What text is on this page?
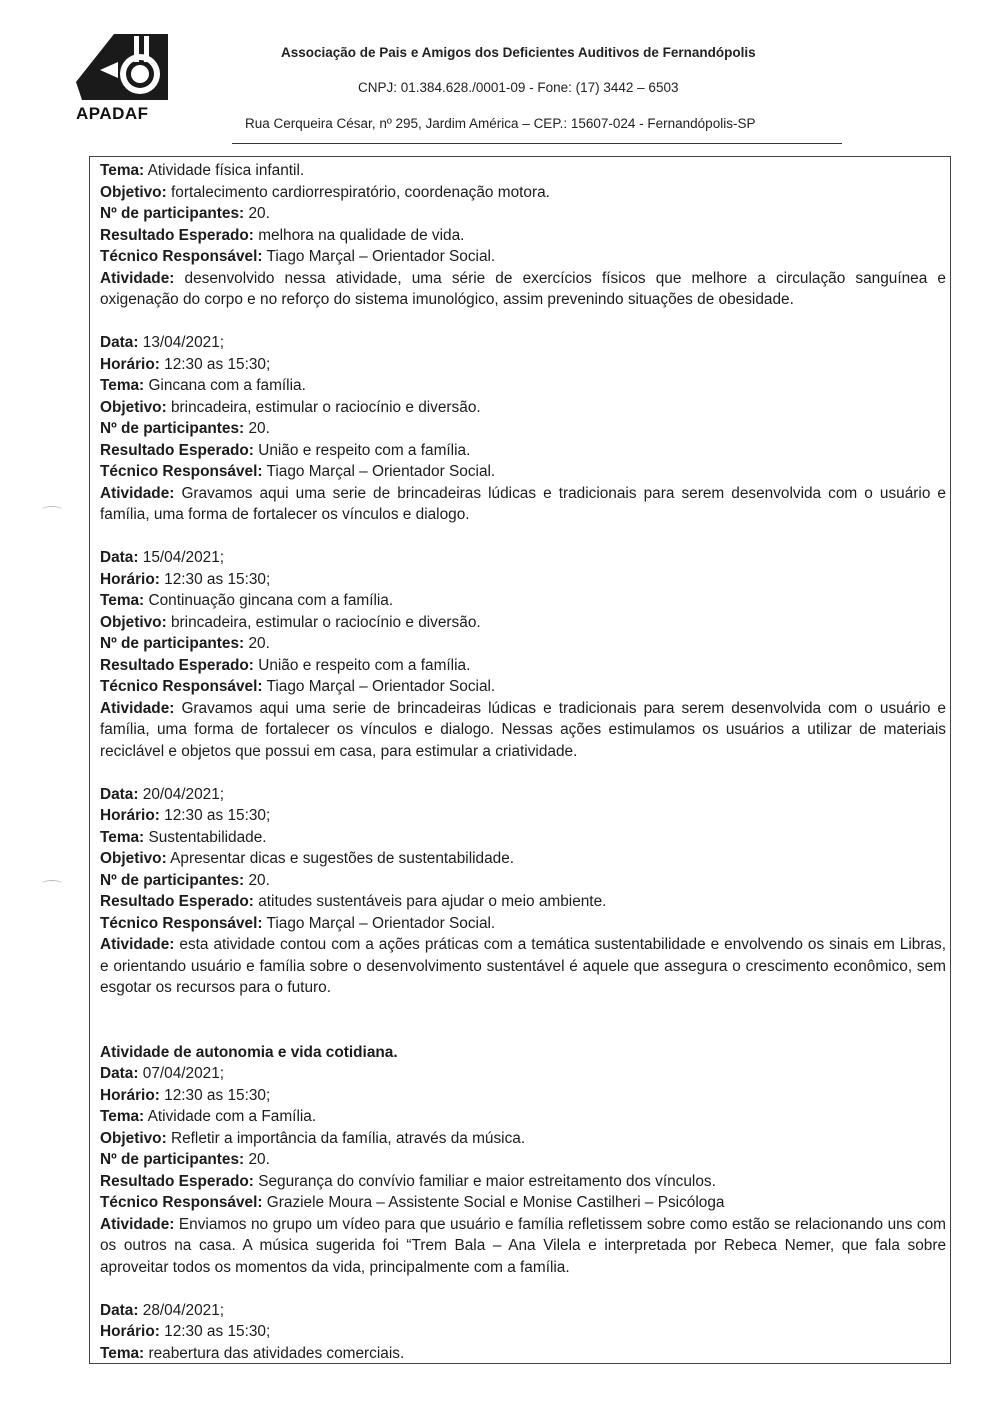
APADAF
Associação de Pais e Amigos dos Deficientes Auditivos de Fernandópolis
CNPJ: 01.384.628./0001-09 - Fone: (17) 3442 – 6503
Rua Cerqueira César, nº 295, Jardim América – CEP.: 15607-024 - Fernandópolis-SP
Tema: Atividade física infantil.
Objetivo: fortalecimento cardiorrespiratório, coordenação motora.
Nº de participantes: 20.
Resultado Esperado: melhora na qualidade de vida.
Técnico Responsável: Tiago Marçal – Orientador Social.
Atividade: desenvolvido nessa atividade, uma série de exercícios físicos que melhore a circulação sanguínea e oxigenação do corpo e no reforço do sistema imunológico, assim prevenindo situações de obesidade.
Data: 13/04/2021;
Horário: 12:30 as 15:30;
Tema: Gincana com a família.
Objetivo: brincadeira, estimular o raciocínio e diversão.
Nº de participantes: 20.
Resultado Esperado: União e respeito com a família.
Técnico Responsável: Tiago Marçal – Orientador Social.
Atividade: Gravamos aqui uma serie de brincadeiras lúdicas e tradicionais para serem desenvolvida com o usuário e família, uma forma de fortalecer os vínculos e dialogo.
Data: 15/04/2021;
Horário: 12:30 as 15:30;
Tema: Continuação gincana com a família.
Objetivo: brincadeira, estimular o raciocínio e diversão.
Nº de participantes: 20.
Resultado Esperado: União e respeito com a família.
Técnico Responsável: Tiago Marçal – Orientador Social.
Atividade: Gravamos aqui uma serie de brincadeiras lúdicas e tradicionais para serem desenvolvida com o usuário e família, uma forma de fortalecer os vínculos e dialogo. Nessas ações estimulamos os usuários a utilizar de materiais reciclável e objetos que possui em casa, para estimular a criatividade.
Data: 20/04/2021;
Horário: 12:30 as 15:30;
Tema: Sustentabilidade.
Objetivo: Apresentar dicas e sugestões de sustentabilidade.
Nº de participantes: 20.
Resultado Esperado: atitudes sustentáveis para ajudar o meio ambiente.
Técnico Responsável: Tiago Marçal – Orientador Social.
Atividade: esta atividade contou com a ações práticas com a temática sustentabilidade e envolvendo os sinais em Libras, e orientando usuário e família sobre o desenvolvimento sustentável é aquele que assegura o crescimento econômico, sem esgotar os recursos para o futuro.
Atividade de autonomia e vida cotidiana.
Data: 07/04/2021;
Horário: 12:30 as 15:30;
Tema: Atividade com a Família.
Objetivo: Refletir a importância da família, através da música.
Nº de participantes: 20.
Resultado Esperado: Segurança do convívio familiar e maior estreitamento dos vínculos.
Técnico Responsável: Graziele Moura – Assistente Social e Monise Castilheri – Psicóloga
Atividade: Enviamos no grupo um vídeo para que usuário e família refletissem sobre como estão se relacionando uns com os outros na casa. A música sugerida foi “Trem Bala – Ana Vilela e interpretada por Rebeca Nemer, que fala sobre aproveitar todos os momentos da vida, principalmente com a família.
Data: 28/04/2021;
Horário: 12:30 as 15:30;
Tema: reabertura das atividades comerciais.
